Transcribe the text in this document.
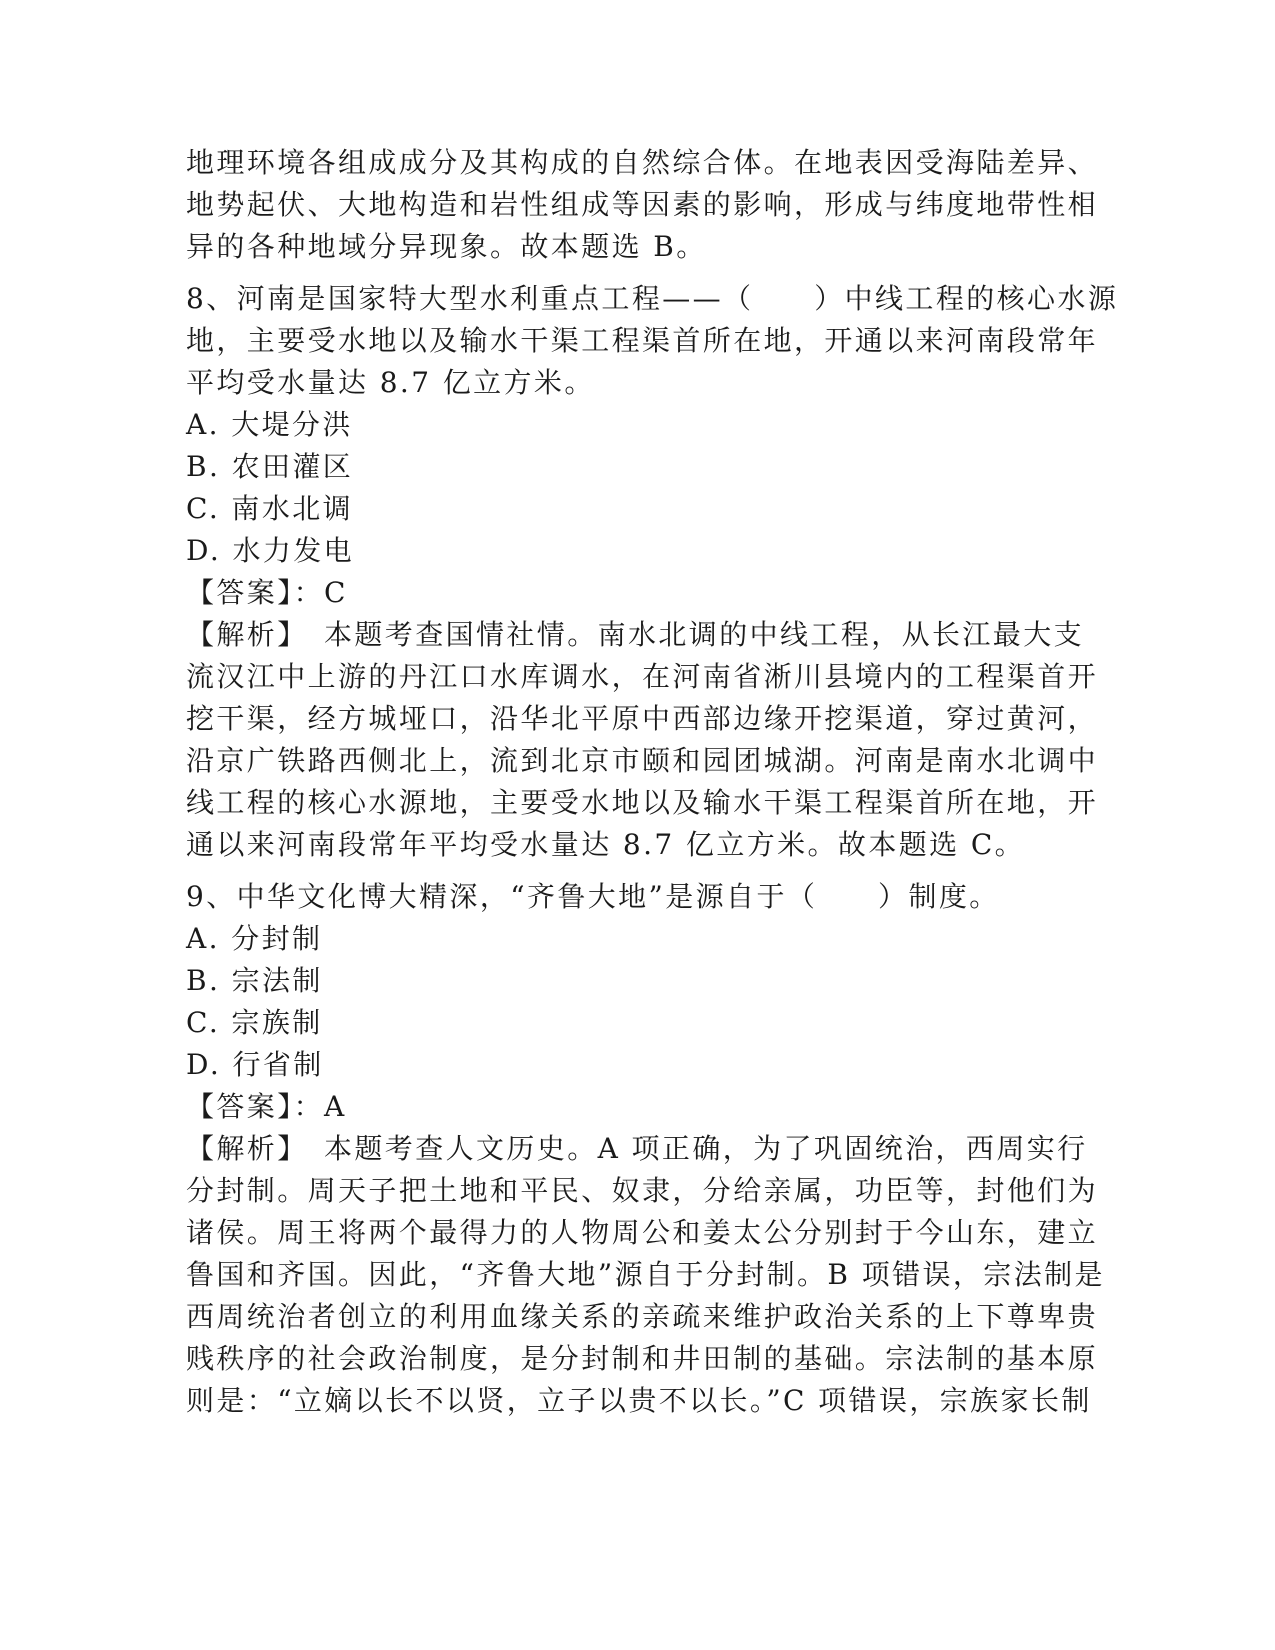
地理环境各组成成分及其构成的自然综合体。在地表因受海陆差异、
地势起伏、大地构造和岩性组成等因素的影响，形成与纬度地带性相
异的各种地域分异现象。故本题选 B。
8、河南是国家特大型水利重点工程——（　　）中线工程的核心水源
地，主要受水地以及输水干渠工程渠首所在地，开通以来河南段常年
平均受水量达 8.7 亿立方米。
A. 大堤分洪
B. 农田灌区
C. 南水北调
D. 水力发电
【答案】：C
【解析】　本题考查国情社情。南水北调的中线工程，从长江最大支
流汉江中上游的丹江口水库调水，在河南省淅川县境内的工程渠首开
挖干渠，经方城垭口，沿华北平原中西部边缘开挖渠道，穿过黄河，
沿京广铁路西侧北上，流到北京市颐和园团城湖。河南是南水北调中
线工程的核心水源地，主要受水地以及输水干渠工程渠首所在地，开
通以来河南段常年平均受水量达 8.7 亿立方米。故本题选 C。
9、中华文化博大精深，“齐鲁大地”是源自于（　　）制度。
A. 分封制
B. 宗法制
C. 宗族制
D. 行省制
【答案】：A
【解析】　本题考查人文历史。A 项正确，为了巩固统治，西周实行
分封制。周天子把土地和平民、奴隶，分给亲属，功臣等，封他们为
诸侯。周王将两个最得力的人物周公和姜太公分别封于今山东，建立
鲁国和齐国。因此，“齐鲁大地”源自于分封制。B 项错误，宗法制是
西周统治者创立的利用血缘关系的亲疏来维护政治关系的上下尊卑贵
贱秩序的社会政治制度，是分封制和井田制的基础。宗法制的基本原
则是：“立嫡以长不以贤，立子以贵不以长。”C 项错误，宗族家长制
